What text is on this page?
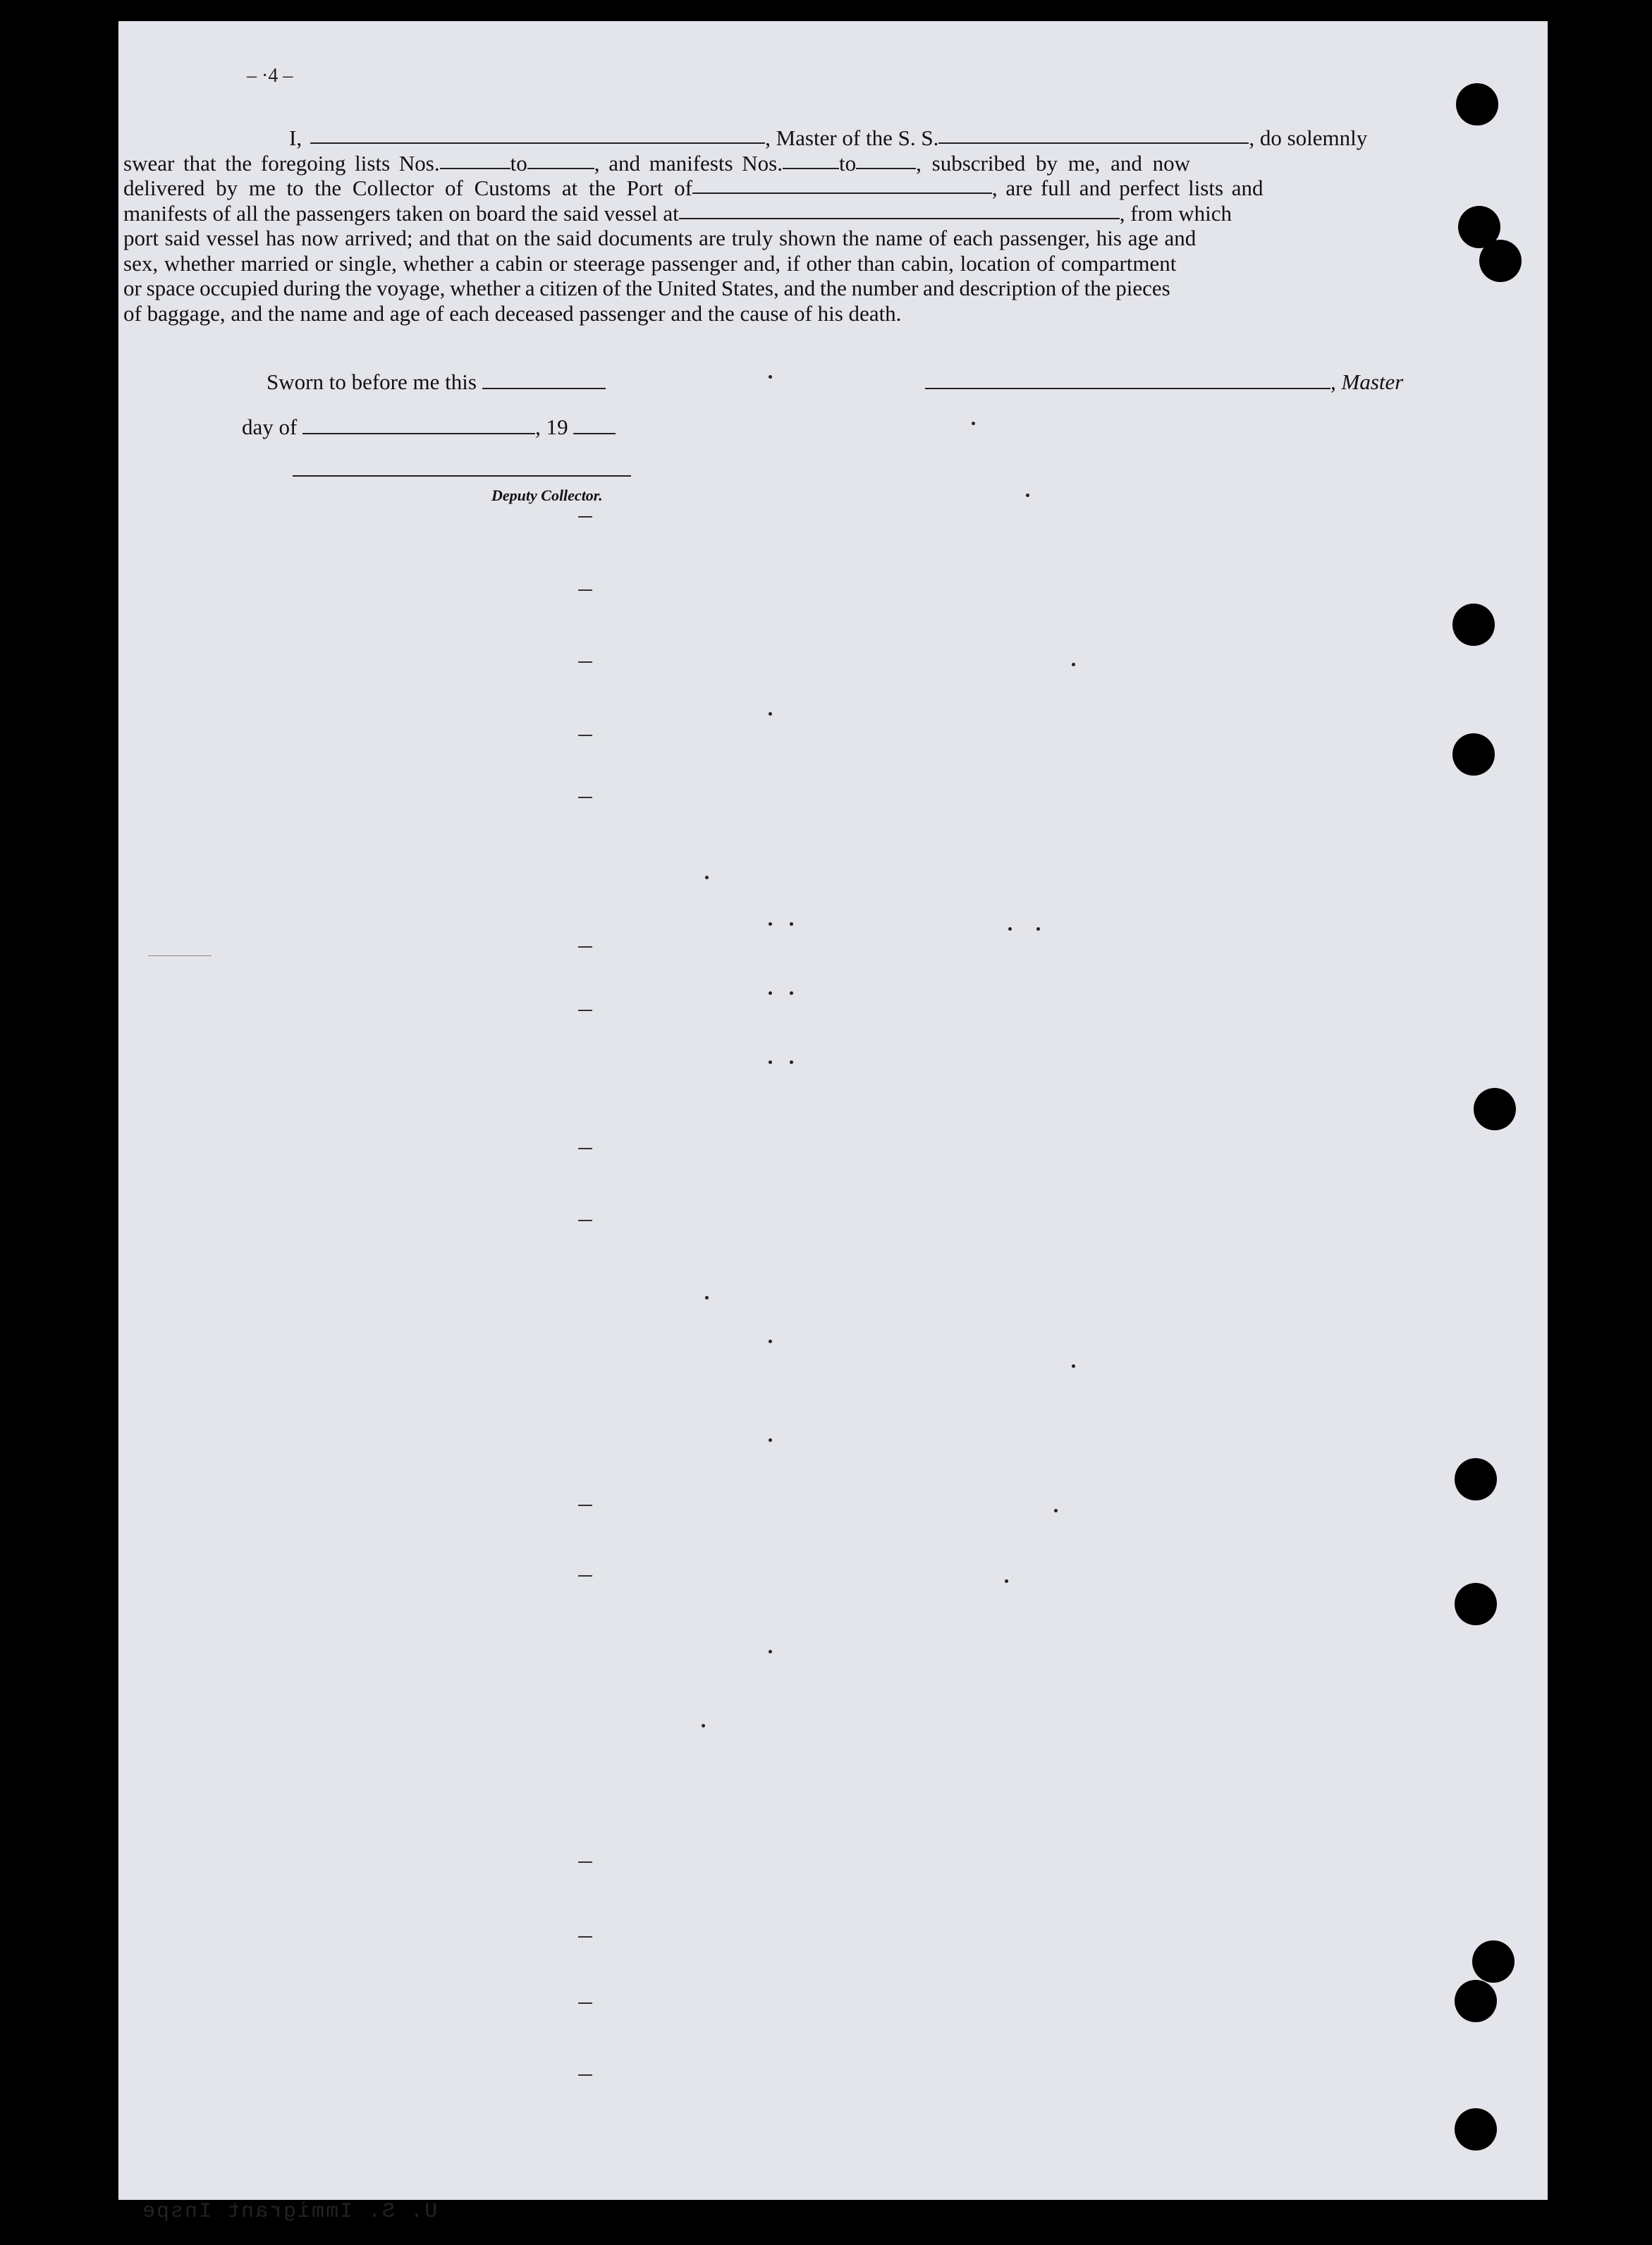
– ·4 –
I,	, Master of the S. S.	, do solemnly
swear that the foregoing lists Nos.	to	, and manifests Nos.	to	, subscribed by me, and now
delivered by me to the Collector of Customs at the Port of	, are full and perfect lists and
manifests of all the passengers taken on board the said vessel at	, from which
port said vessel has now arrived; and that on the said documents are truly shown the name of each passenger, his age and
sex, whether married or single, whether a cabin or steerage passenger and, if other than cabin, location of compartment
or space occupied during the voyage, whether a citizen of the United States, and the number and description of the pieces
of baggage, and the name and age of each deceased passenger and the cause of his death.
Sworn to before me this	, Master
day of	, 19
Deputy Collector.
U. S. Immigrant Inspe
